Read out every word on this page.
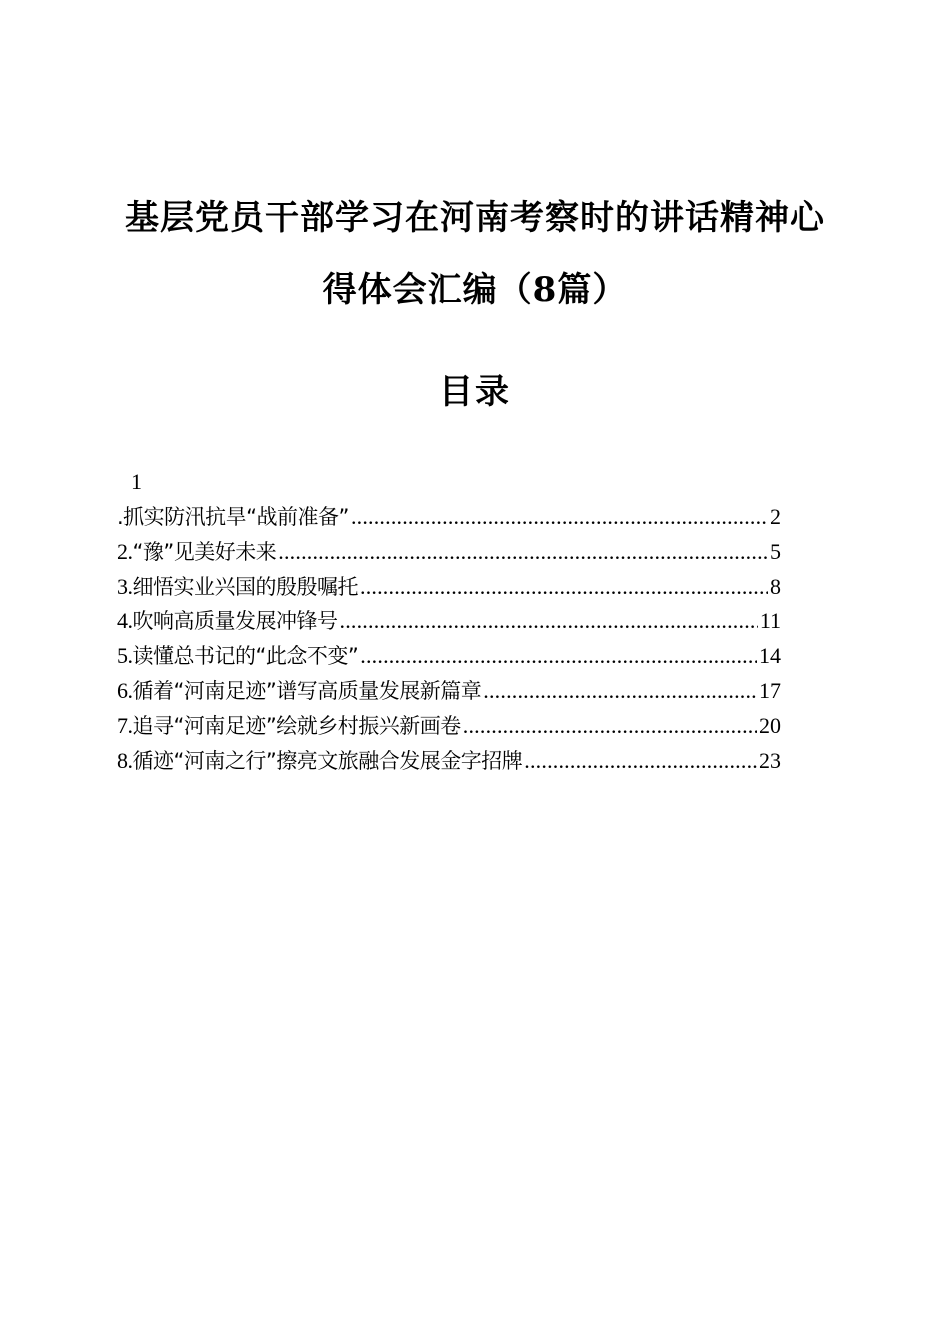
基层党员干部学习在河南考察时的讲话精神心
得体会汇编（8篇）
目录
1
.抓实防汛抗旱“战前准备” .....	2
2.“豫”见美好未来 .....	5
3.细悟实业兴国的殷殷嘱托 .....	8
4.吹响高质量发展冲锋号 .....	11
5.读懂总书记的“此念不变” .....	14
6.循着“河南足迹”谱写高质量发展新篇章 .....	17
7.追寻“河南足迹”绘就乡村振兴新画卷 .....	20
8.循迹“河南之行”擦亮文旅融合发展金字招牌 .....	23
